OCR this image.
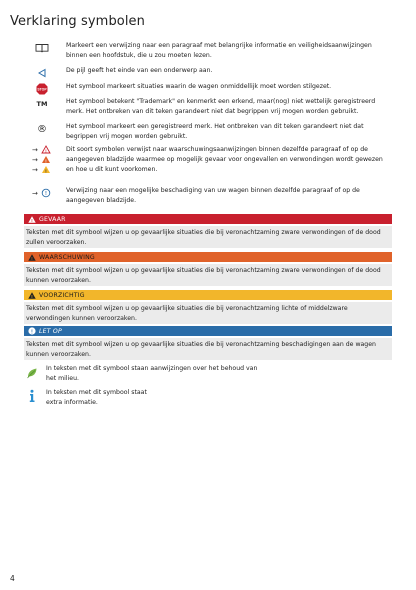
Verklaring symbolen
Markeert een verwijzing naar een paragraaf met belangrijke informatie en veiligheidsaanwijzingen binnen een hoofdstuk, die u zou moeten lezen.
De pijl geeft het einde van een onderwerp aan.
STOP	Het symbool markeert situaties waarin de wagen onmiddellijk moet worden stilgezet.
TM	Het symbool betekent "Trademark" en kenmerkt een erkend, maar(nog) niet wettelijk geregistreerd merk. Het ontbreken van dit teken garandeert niet dat begrippen vrij mogen worden gebruikt.
®	Het symbool markeert een geregistreerd merk. Het ontbreken van dit teken garandeert niet dat begrippen vrij mogen worden gebruikt.
→ !
→ !
→ !
Dit soort symbolen verwijst naar waarschuwingsaanwijzingen binnen dezelfde paragraaf of op de aangegeven bladzijde waarmee op mogelijk gevaar voor ongevallen en verwondingen wordt gewezen en hoe u dit kunt voorkomen.
→ !
Verwijzing naar een mogelijke beschadiging van uw wagen binnen dezelfde paragraaf of op de aangegeven bladzijde.
! GEVAAR
Teksten met dit symbool wijzen u op gevaarlijke situaties die bij veronachtzaming zware verwondingen of de dood zullen veroorzaken.
! WAARSCHUWING
Teksten met dit symbool wijzen u op gevaarlijke situaties die bij veronachtzaming zware verwondingen of de dood kunnen veroorzaken.
! VOORZICHTIG
Teksten met dit symbool wijzen u op gevaarlijke situaties die bij veronachtzaming lichte of middelzware verwondingen kunnen veroorzaken.
! LET OP
Teksten met dit symbool wijzen u op gevaarlijke situaties die bij veronachtzaming beschadigingen aan de wagen kunnen veroorzaken.
In teksten met dit symbool staan aanwijzingen over het behoud van het milieu.
In teksten met dit symbool staat extra informatie.
4
